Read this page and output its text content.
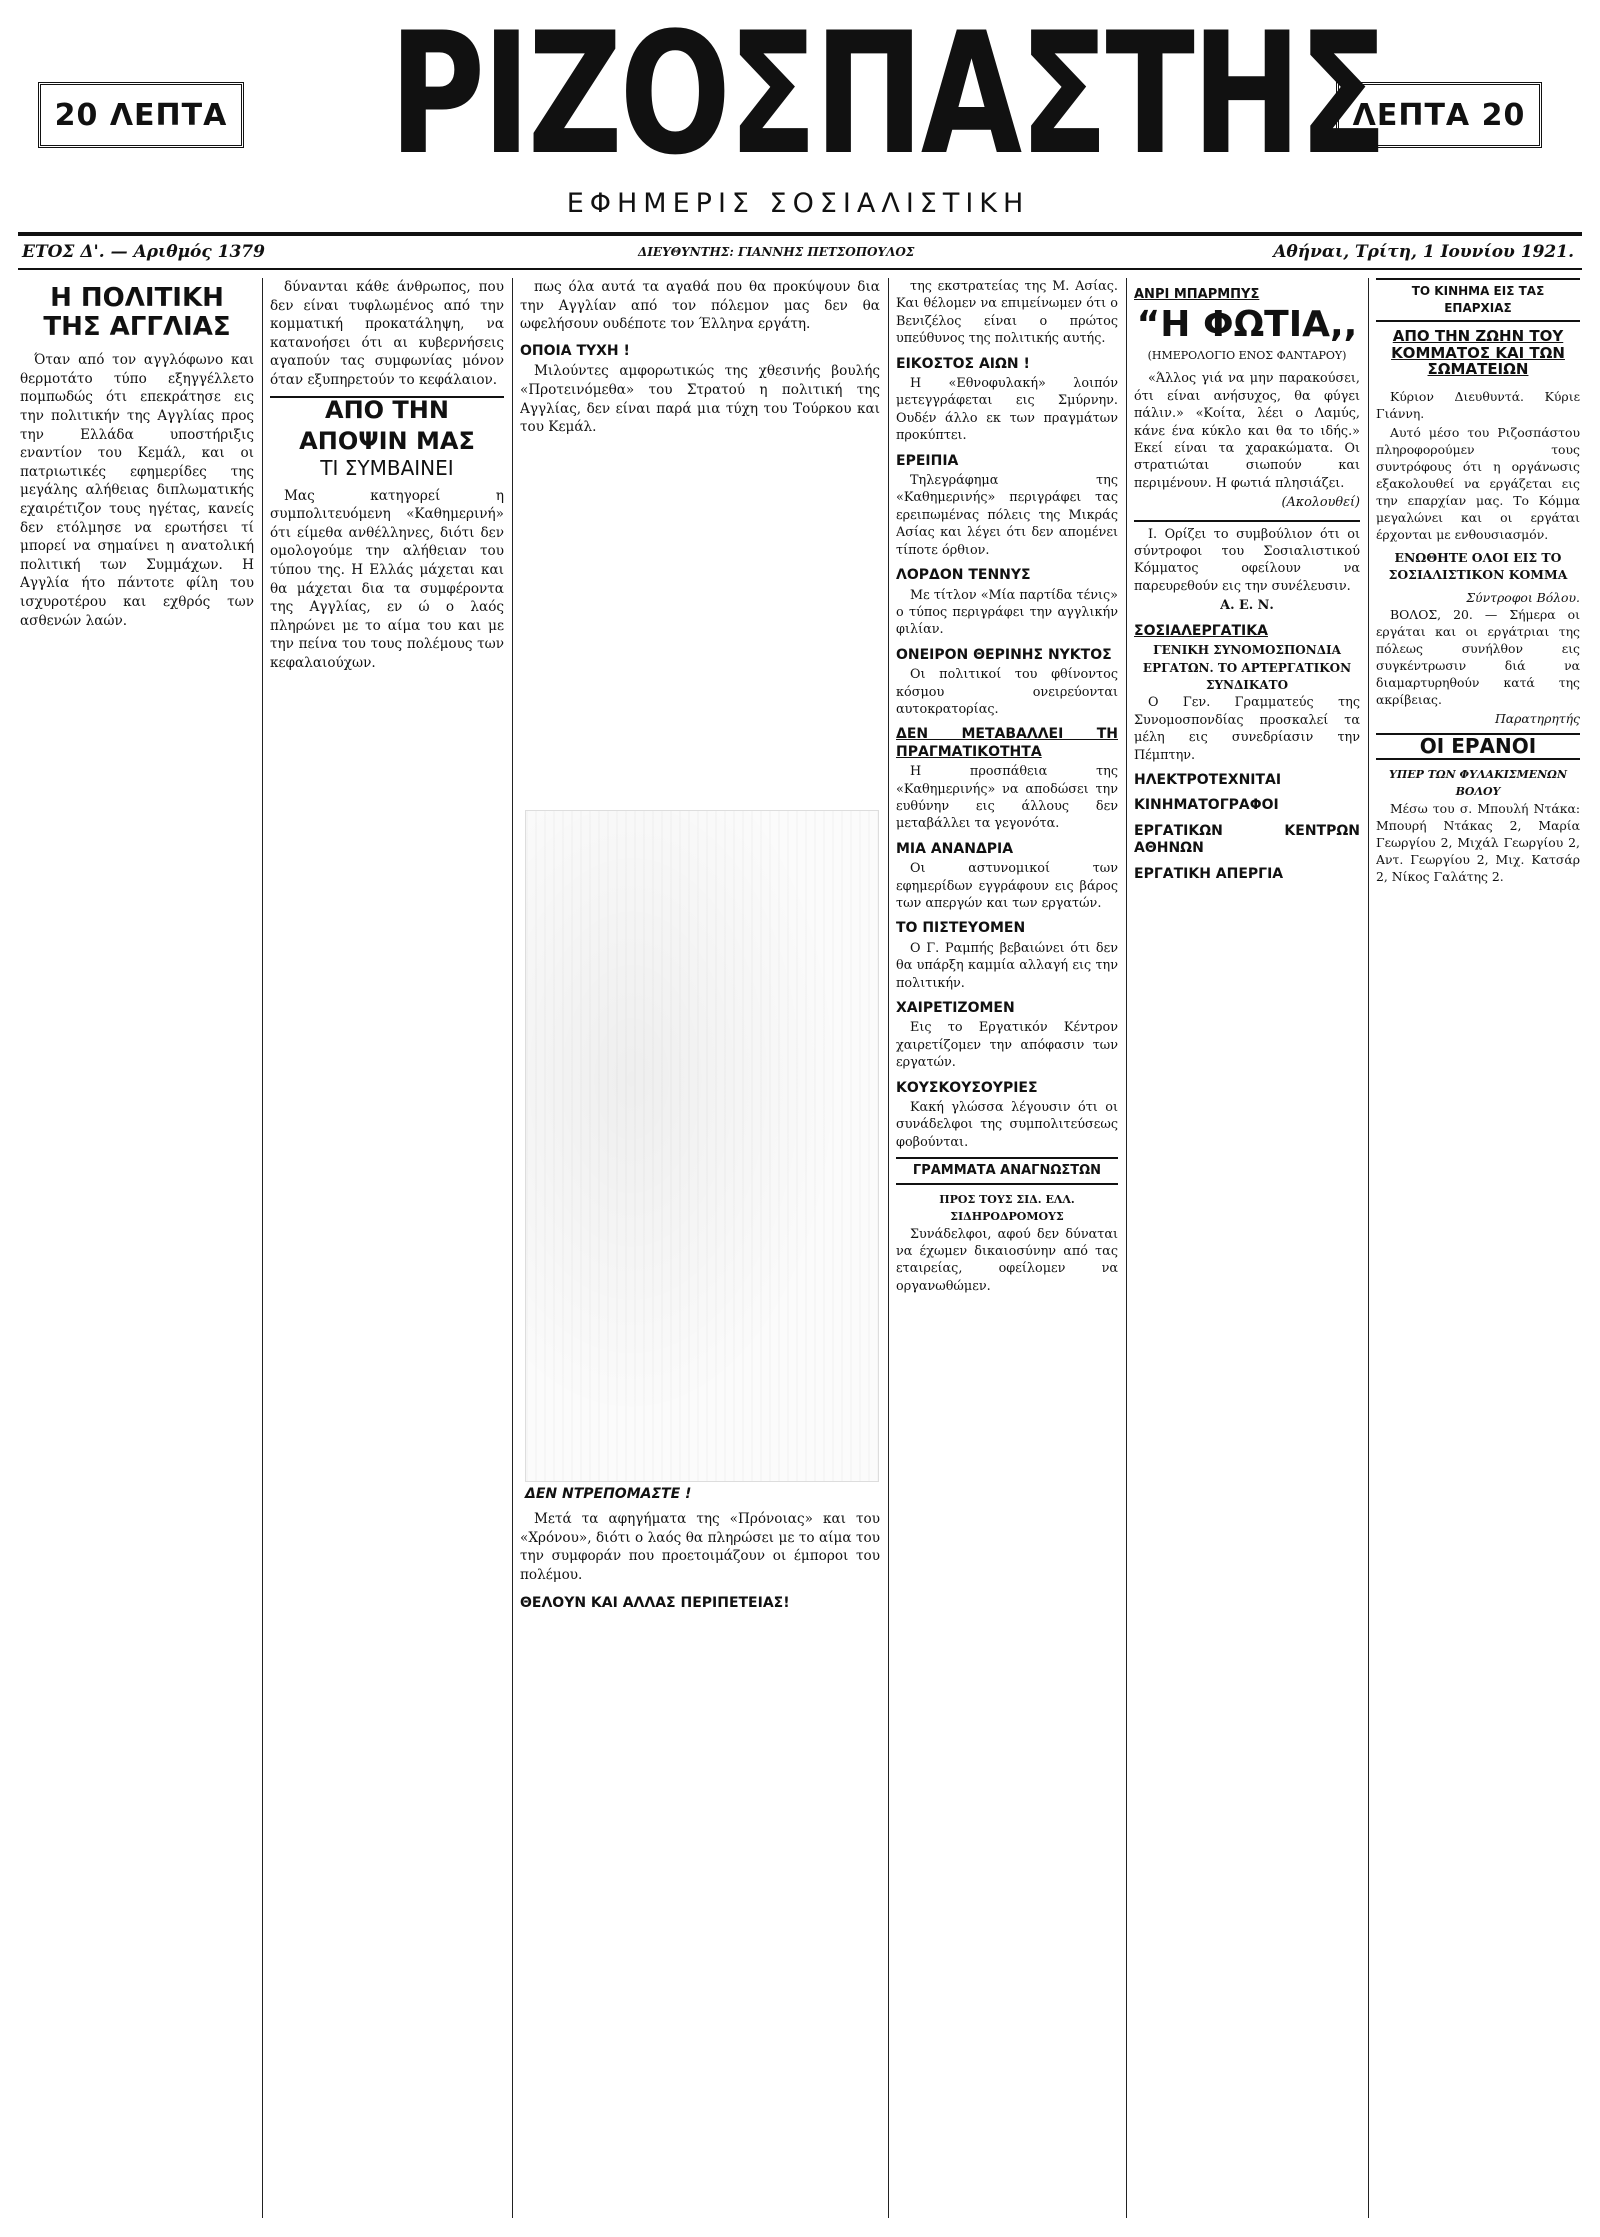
20 ΛΕΠΤΑ ΡΙΖΟΣΠΑΣΤΗΣ
ΛΕΠΤΑ 20
ΕΦΗΜΕΡΙΣ ΣΟΣΙΑΛΙΣΤΙΚΗ
ΕΤΟΣ Δ'. — Αριθμός 1379	ΔΙΕΥΘΥΝΤΗΣ: ΓΙΑΝΝΗΣ ΠΕΤΣΟΠΟΥΛΟΣ	Αθήναι, Τρίτη, 1 Ιουνίου 1921.
Η ΠΟΛΙΤΙΚΗ ΤΗΣ ΑΓΓΛΙΑΣ

Όταν από τον αγγλόφωνο και θερμοτάτο τύπο εξηγγέλλετο πομπωδώς ότι επεκράτησε εις την πολιτικήν της Αγγλίας προς την Ελλάδα υποστήριξις εναντίον του Κεμάλ, και οι πατριωτικές εφημερίδες της μεγάλης αλήθειας διπλωματικής εχαιρέτιζον τους ηγέτας, κανείς δεν ετόλμησε να ερωτήσει τί μπορεί να σημαίνει η ανατολική πολιτική των Συμμάχων. Η Αγγλία ήτο πάντοτε φίλη του ισχυροτέρου και εχθρός των ασθενών λαών.

δύνανται κάθε άνθρωπος, που δεν είναι τυφλωμένος από την κομματική προκατάληψη, να κατανοήσει ότι αι κυβερνήσεις αγαπούν τας συμφωνίας μόνον όταν εξυπηρετούν το κεφάλαιον.

ΑΠΟ ΤΗΝ
ΑΠΟΨΙΝ ΜΑΣ
ΤΙ ΣΥΜΒΑΙΝΕΙ

Μας κατηγορεί η συμπολιτευόμενη «Καθημερινή» ότι είμεθα ανθέλληνες, διότι δεν ομολογούμε την αλήθειαν του τύπου της. Η Ελλάς μάχεται και θα μάχεται δια τα συμφέροντα της Αγγλίας, εν ώ ο λαός πληρώνει με το αίμα του και με την πείνα του τους πολέμους των κεφαλαιούχων.

πως όλα αυτά τα αγαθά που θα προκύψουν δια την Αγγλίαν από τον πόλεμον μας δεν θα ωφελήσουν ουδέποτε τον Έλληνα εργάτη.

ΟΠΟΙΑ ΤΥΧΗ !

Μιλούντες αμφορωτικώς της χθεσινής βουλής «Προτεινόμεθα» του Στρατού η πολιτική της Αγγλίας, δεν είναι παρά μια τύχη του Τούρκου και του Κεμάλ.

ΔΕΝ ΝΤΡΕΠΟΜΑΣΤΕ !

Μετά τα αφηγήματα της «Πρόνοιας» και του «Χρόνου», διότι ο λαός θα πληρώσει με το αίμα του την συμφοράν που προετοιμάζουν οι έμποροι του πολέμου.

ΘΕΛΟΥΝ ΚΑΙ ΑΛΛΑΣ ΠΕΡΙΠΕΤΕΙΑΣ!

της εκστρατείας της Μ. Ασίας. Και θέλομεν να επιμείνωμεν ότι ο Βενιζέλος είναι ο πρώτος υπεύθυνος της πολιτικής αυτής.

ΕΙΚΟΣΤΟΣ ΑΙΩΝ !

Η «Εθνοφυλακή» λοιπόν μετεγγράφεται εις Σμύρνην. Ουδέν άλλο εκ των πραγμάτων προκύπτει.

ΕΡΕΙΠΙΑ

Τηλεγράφημα της «Καθημερινής» περιγράφει τας ερειπωμένας πόλεις της Μικράς Ασίας και λέγει ότι δεν απομένει τίποτε όρθιον.

ΛΟΡΔΟΝ ΤΕΝΝΥΣ

Με τίτλον «Μία παρτίδα τένις» ο τύπος περιγράφει την αγγλικήν φιλίαν.

ΟΝΕΙΡΟΝ ΘΕΡΙΝΗΣ ΝΥΚΤΟΣ

Οι πολιτικοί του φθίνοντος κόσμου ονειρεύονται αυτοκρατορίας.

ΔΕΝ ΜΕΤΑΒΑΛΛΕΙ ΤΗ ΠΡΑΓΜΑΤΙΚΟΤΗΤΑ

Η προσπάθεια της «Καθημερινής» να αποδώσει την ευθύνην εις άλλους δεν μεταβάλλει τα γεγονότα.

ΜΙΑ ΑΝΑΝΔΡΙΑ

Οι αστυνομικοί των εφημερίδων εγγράφουν εις βάρος των απεργών και των εργατών.

ΤΟ ΠΙΣΤΕΥΟΜΕΝ

Ο Γ. Ραμπής βεβαιώνει ότι δεν θα υπάρξη καμμία αλλαγή εις την πολιτικήν.

ΧΑΙΡΕΤΙΖΟΜΕΝ

Εις το Εργατικόν Κέντρον χαιρετίζομεν την απόφασιν των εργατών.

ΚΟΥΣΚΟΥΣΟΥΡΙΕΣ

Κακή γλώσσα λέγουσιν ότι οι συνάδελφοι της συμπολιτεύσεως φοβούνται.

ΓΡΑΜΜΑΤΑ ΑΝΑΓΝΩΣΤΩΝ
ΠΡΟΣ ΤΟΥΣ ΣΙΔ. ΕΛΛ. ΣΙΔΗΡΟΔΡΟΜΟΥΣ

Συνάδελφοι, αφού δεν δύναται να έχωμεν δικαιοσύνην από τας εταιρείας, οφείλομεν να οργανωθώμεν.

ΑΝΡΙ ΜΠΑΡΜΠΥΣ
“Η ΦΩΤΙΑ,,
(ΗΜΕΡΟΛΟΓΙΟ ΕΝΟΣ ΦΑΝΤΑΡΟΥ)

«Άλλος γιά να μην παρακούσει, ότι είναι ανήσυχος, θα φύγει πάλιν.» «Κοίτα, λέει ο Λαμύς, κάνε ένα κύκλο και θα το ιδής.» Εκεί είναι τα χαρακώματα. Οι στρατιώται σιωπούν και περιμένουν. Η φωτιά πλησιάζει.

(Ακολουθεί)

Ι. Ορίζει το συμβούλιον ότι οι σύντροφοι του Σοσιαλιστικού Κόμματος οφείλουν να παρευρεθούν εις την συνέλευσιν.

Α. Ε. Ν.
ΣΟΣΙΑΛΕΡΓΑΤΙΚΑ
ΓΕΝΙΚΗ ΣΥΝΟΜΟΣΠΟΝΔΙΑ ΕΡΓΑΤΩΝ. ΤΟ ΑΡΤΕΡΓΑΤΙΚΟΝ ΣΥΝΔΙΚΑΤΟ

Ο Γεν. Γραμματεύς της Συνομοσπονδίας προσκαλεί τα μέλη εις συνεδρίασιν την Πέμπτην.

ΗΛΕΚΤΡΟΤΕΧΝΙΤΑΙ
ΚΙΝΗΜΑΤΟΓΡΑΦΟΙ
ΕΡΓΑΤΙΚΩΝ ΚΕΝΤΡΩΝ ΑΘΗΝΩΝ
ΕΡΓΑΤΙΚΗ ΑΠΕΡΓΙΑ
ΤΟ ΚΙΝΗΜΑ ΕΙΣ ΤΑΣ ΕΠΑΡΧΙΑΣ
ΑΠΟ ΤΗΝ ΖΩΗΝ ΤΟΥ ΚΟΜΜΑΤΟΣ ΚΑΙ ΤΩΝ ΣΩΜΑΤΕΙΩΝ

Κύριον Διευθυντά. Κύριε Γιάννη.

Αυτό μέσο του Ριζοσπάστου πληροφορούμεν τους συντρόφους ότι η οργάνωσις εξακολουθεί να εργάζεται εις την επαρχίαν μας. Το Κόμμα μεγαλώνει και οι εργάται έρχονται με ενθουσιασμόν.

ΕΝΩΘΗΤΕ ΟΛΟΙ ΕΙΣ ΤΟ ΣΟΣΙΑΛΙΣΤΙΚΟΝ ΚΟΜΜΑ
Σύντροφοι Βόλου.

ΒΟΛΟΣ, 20. — Σήμερα οι εργάται και οι εργάτριαι της πόλεως συνήλθον εις συγκέντρωσιν διά να διαμαρτυρηθούν κατά της ακρίβειας.

Παρατηρητής
ΟΙ ΕΡΑΝΟΙ
ΥΠΕΡ ΤΩΝ ΦΥΛΑΚΙΣΜΕΝΩΝ ΒΟΛΟΥ

Μέσω του σ. Μπουλή Ντάκα: Μπουρή Ντάκας 2, Μαρία Γεωργίου 2, Μιχάλ Γεωργίου 2, Αντ. Γεωργίου 2, Μιχ. Κατσάρ 2, Νίκος Γαλάτης 2.
